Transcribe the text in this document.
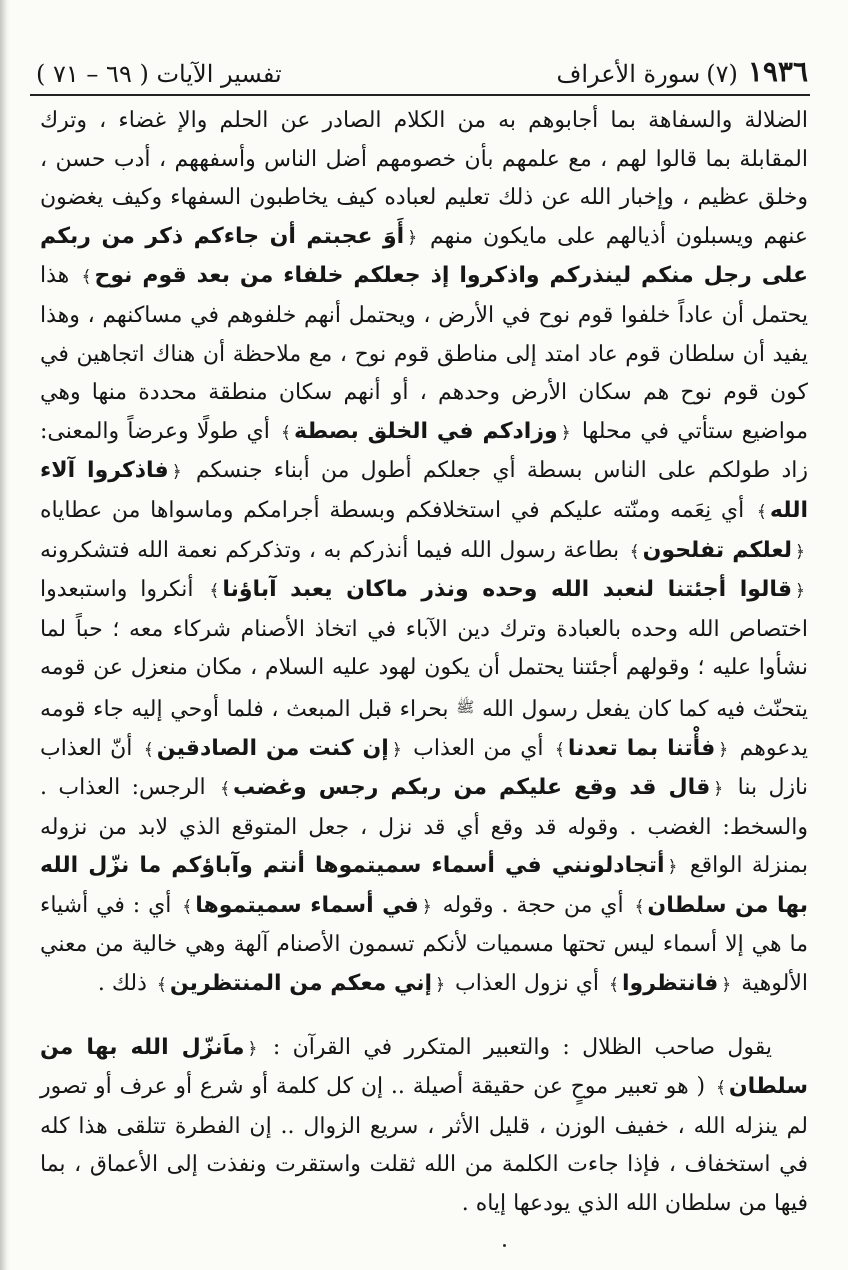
١٩٣٦
(٧)
سورة الأعراف
تفسير الآيات ( ٦٩ – ٧١ )

الضلالة والسفاهة بما أجابوهم به من الكلام الصادر عن الحلم والإ غضاء ، وترك المقابلة بما قالوا لهم ، مع علمهم بأن خصومهم أضل الناس وأسفههم ، أدب حسن ، وخلق عظيم ، وإخبار الله عن ذلك تعليم لعباده كيف يخاطبون السفهاء وكيف يغضون عنهم ويسبلون أذيالهم على مايكون منهم ﴿أَوَ عجبتم أن جاءكم ذكر من ربكم على رجل منكم لينذركم واذكروا إذ جعلكم خلفاء من بعد قوم نوح﴾ هذا يحتمل أن عاداً خلفوا قوم نوح في الأرض ، ويحتمل أنهم خلفوهم في مساكنهم ، وهذا يفيد أن سلطان قوم عاد امتد إلى مناطق قوم نوح ، مع ملاحظة أن هناك اتجاهين في كون قوم نوح هم سكان الأرض وحدهم ، أو أنهم سكان منطقة محددة منها وهي مواضيع ستأتي في محلها ﴿وزادكم في الخلق بصطة﴾ أي طولًا وعرضاً والمعنى: زاد طولكم على الناس بسطة أي جعلكم أطول من أبناء جنسكم ﴿فاذكروا آلاء الله﴾ أي نِعَمه ومنّته عليكم في استخلافكم وبسطة أجرامكم وماسواها من عطاياه ﴿لعلكم تفلحون﴾ بطاعة رسول الله فيما أنذركم به ، وتذكركم نعمة الله فتشكرونه ﴿قالوا أجئتنا لنعبد الله وحده ونذر ماكان يعبد آباؤنا﴾ أنكروا واستبعدوا اختصاص الله وحده بالعبادة وترك دين الآباء في اتخاذ الأصنام شركاء معه ؛ حباً لما نشأوا عليه ؛ وقولهم أجئتنا يحتمل أن يكون لهود عليه السلام ، مكان منعزل عن قومه يتحنّث فيه كما كان يفعل رسول الله ﷺ بحراء قبل المبعث ، فلما أوحي إليه جاء قومه يدعوهم ﴿فأْتنا بما تعدنا﴾ أي من العذاب ﴿إن كنت من الصادقين﴾ أنّ العذاب نازل بنا ﴿قال قد وقع عليكم من ربكم رجس وغضب﴾ الرجس: العذاب . والسخط: الغضب . وقوله قد وقع أي قد نزل ، جعل المتوقع الذي لابد من نزوله بمنزلة الواقع ﴿أتجادلونني في أسماء سميتموها أنتم وآباؤكم ما نزّل الله بها من سلطان﴾ أي من حجة . وقوله ﴿في أسماء سميتموها﴾ أي : في أشياء ما هي إلا أسماء ليس تحتها مسميات لأنكم تسمون الأصنام آلهة وهي خالية من معني الألوهية ﴿فانتظروا﴾ أي نزول العذاب ﴿إني معكم من المنتظرين﴾ ذلك .

يقول صاحب الظلال : والتعبير المتكرر في القرآن : ﴿ماَنزّل الله بها من سلطان﴾ ( هو تعبير موحٍ عن حقيقة أصيلة .. إن كل كلمة أو شرع أو عرف أو تصور لم ينزله الله ، خفيف الوزن ، قليل الأثر ، سريع الزوال .. إن الفطرة تتلقى هذا كله في استخفاف ، فإذا جاءت الكلمة من الله ثقلت واستقرت ونفذت إلى الأعماق ، بما فيها من سلطان الله الذي يودعها إياه .
